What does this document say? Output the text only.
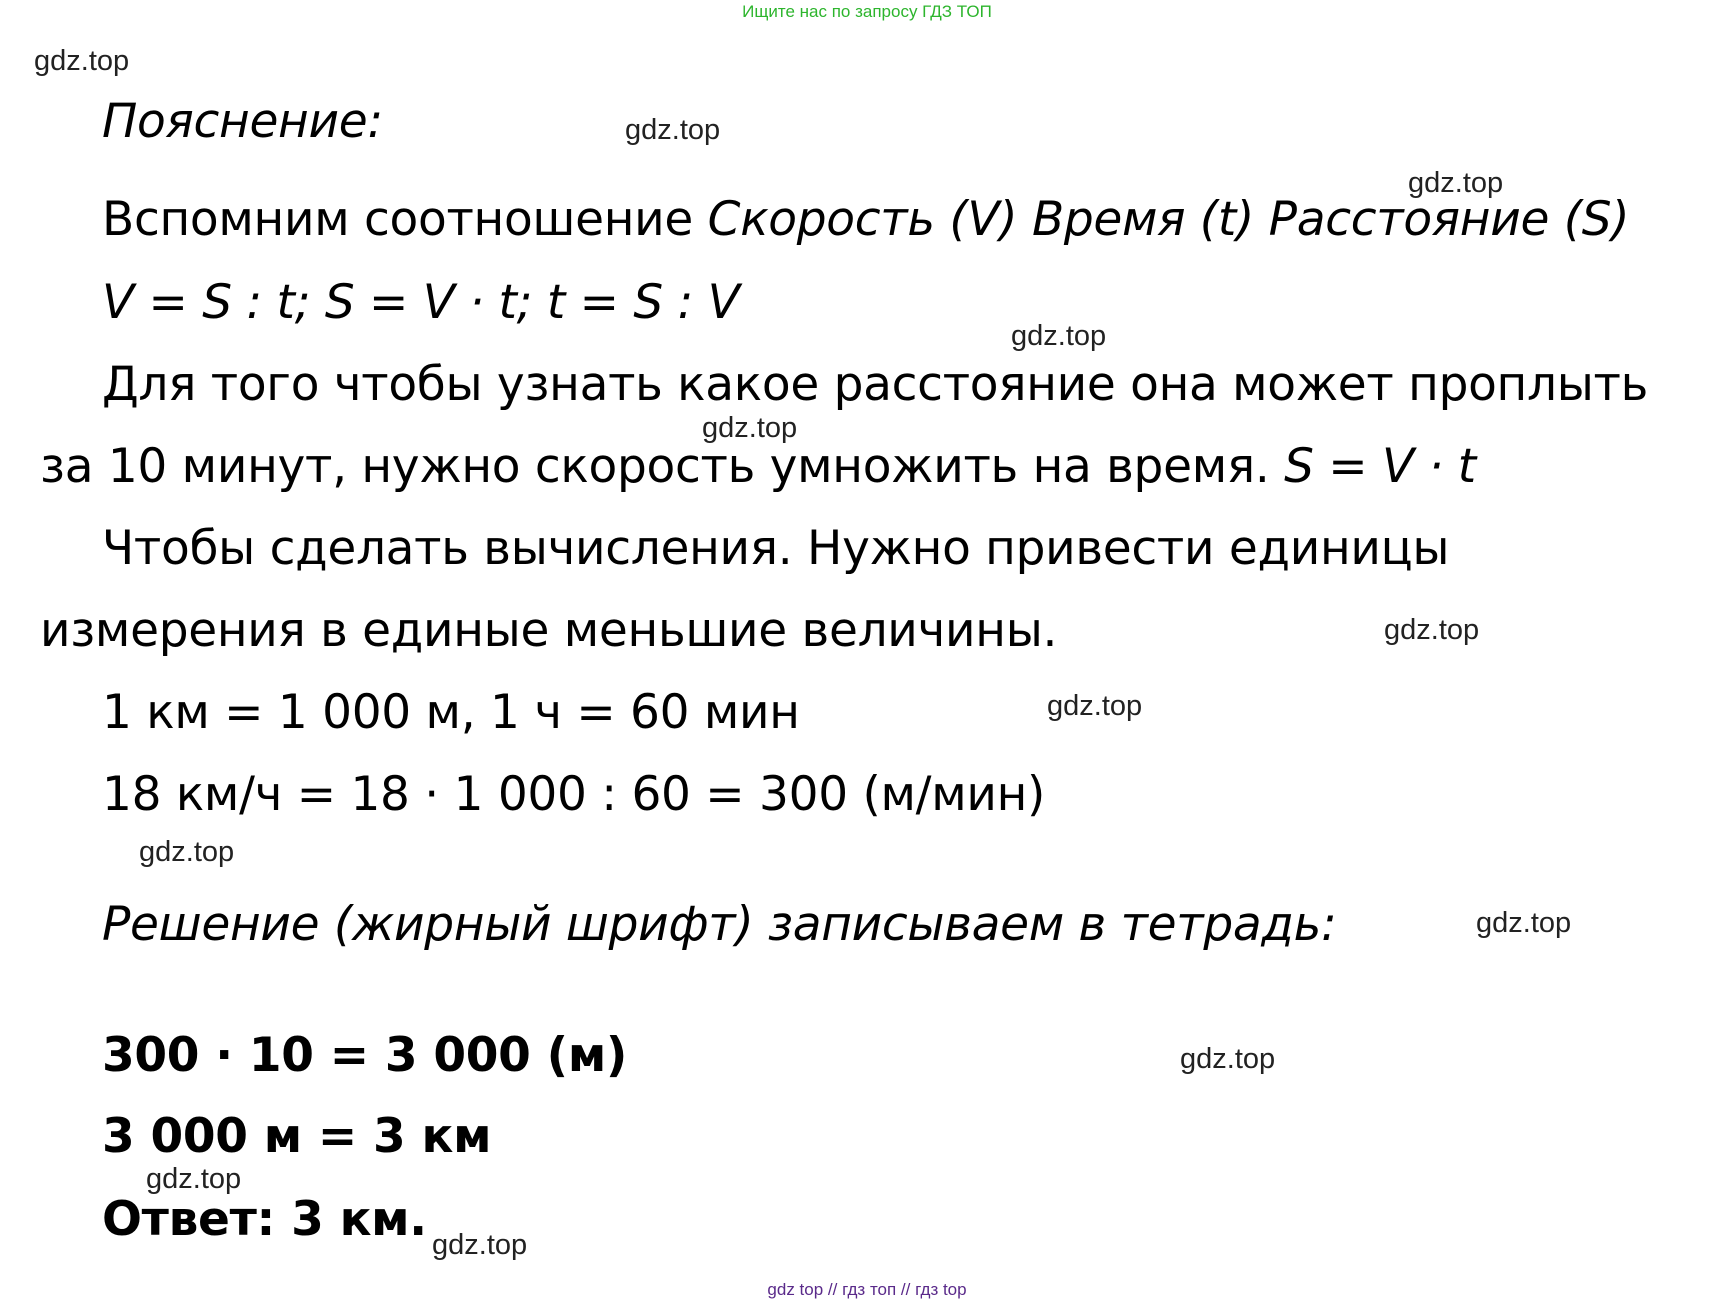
Ищите нас по запросу ГДЗ ТОП
gdz.top
gdz.top
gdz.top
gdz.top
gdz.top
gdz.top
gdz.top
gdz.top
gdz.top
gdz.top
gdz.top
gdz.top
Пояснение:
Вспомним соотношение Скорость (V) Время (t) Расстояние (S)
V = S : t; S = V · t; t = S : V
Для того чтобы узнать какое расстояние она может проплыть
за 10 минут, нужно скорость умножить на время. S = V · t
Чтобы сделать вычисления. Нужно привести единицы
измерения в единые меньшие величины.
1 км = 1 000 м, 1 ч = 60 мин
18 км/ч = 18 · 1 000 : 60 = 300 (м/мин)
Решение (жирный шрифт) записываем в тетрадь:
300 · 10 = 3 000 (м)
3 000 м = 3 км
Ответ: 3 км.
gdz top // гдз топ // гдз top
